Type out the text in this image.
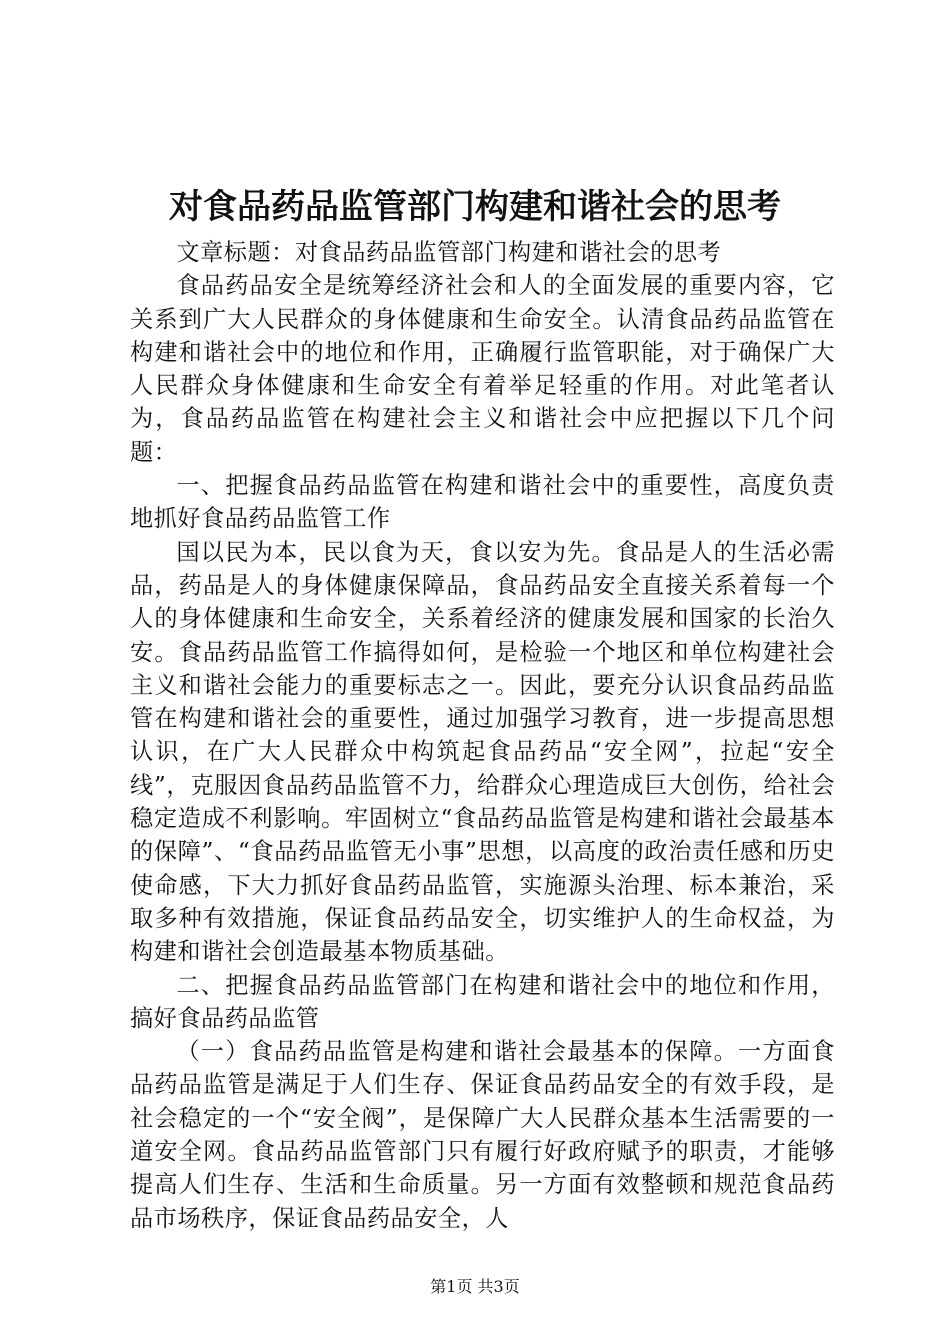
对食品药品监管部门构建和谐社会的思考

文章标题：对食品药品监管部门构建和谐社会的思考

食品药品安全是统筹经济社会和人的全面发展的重要内容，它关系到广大人民群众的身体健康和生命安全。认清食品药品监管在构建和谐社会中的地位和作用，正确履行监管职能，对于确保广大人民群众身体健康和生命安全有着举足轻重的作用。对此笔者认为，食品药品监管在构建社会主义和谐社会中应把握以下几个问题：

一、把握食品药品监管在构建和谐社会中的重要性，高度负责地抓好食品药品监管工作

国以民为本，民以食为天，食以安为先。食品是人的生活必需品，药品是人的身体健康保障品，食品药品安全直接关系着每一个人的身体健康和生命安全，关系着经济的健康发展和国家的长治久安。食品药品监管工作搞得如何，是检验一个地区和单位构建社会主义和谐社会能力的重要标志之一。因此，要充分认识食品药品监管在构建和谐社会的重要性，通过加强学习教育，进一步提高思想认识，在广大人民群众中构筑起食品药品“安全网”，拉起“安全线”，克服因食品药品监管不力，给群众心理造成巨大创伤，给社会稳定造成不利影响。牢固树立“食品药品监管是构建和谐社会最基本的保障”、“食品药品监管无小事”思想，以高度的政治责任感和历史使命感，下大力抓好食品药品监管，实施源头治理、标本兼治，采取多种有效措施，保证食品药品安全，切实维护人的生命权益，为构建和谐社会创造最基本物质基础。

二、把握食品药品监管部门在构建和谐社会中的地位和作用，搞好食品药品监管

（一）食品药品监管是构建和谐社会最基本的保障。一方面食品药品监管是满足于人们生存、保证食品药品安全的有效手段，是社会稳定的一个“安全阀”，是保障广大人民群众基本生活需要的一道安全网。食品药品监管部门只有履行好政府赋予的职责，才能够提高人们生存、生活和生命质量。另一方面有效整顿和规范食品药品市场秩序，保证食品药品安全，人

第1页 共3页
